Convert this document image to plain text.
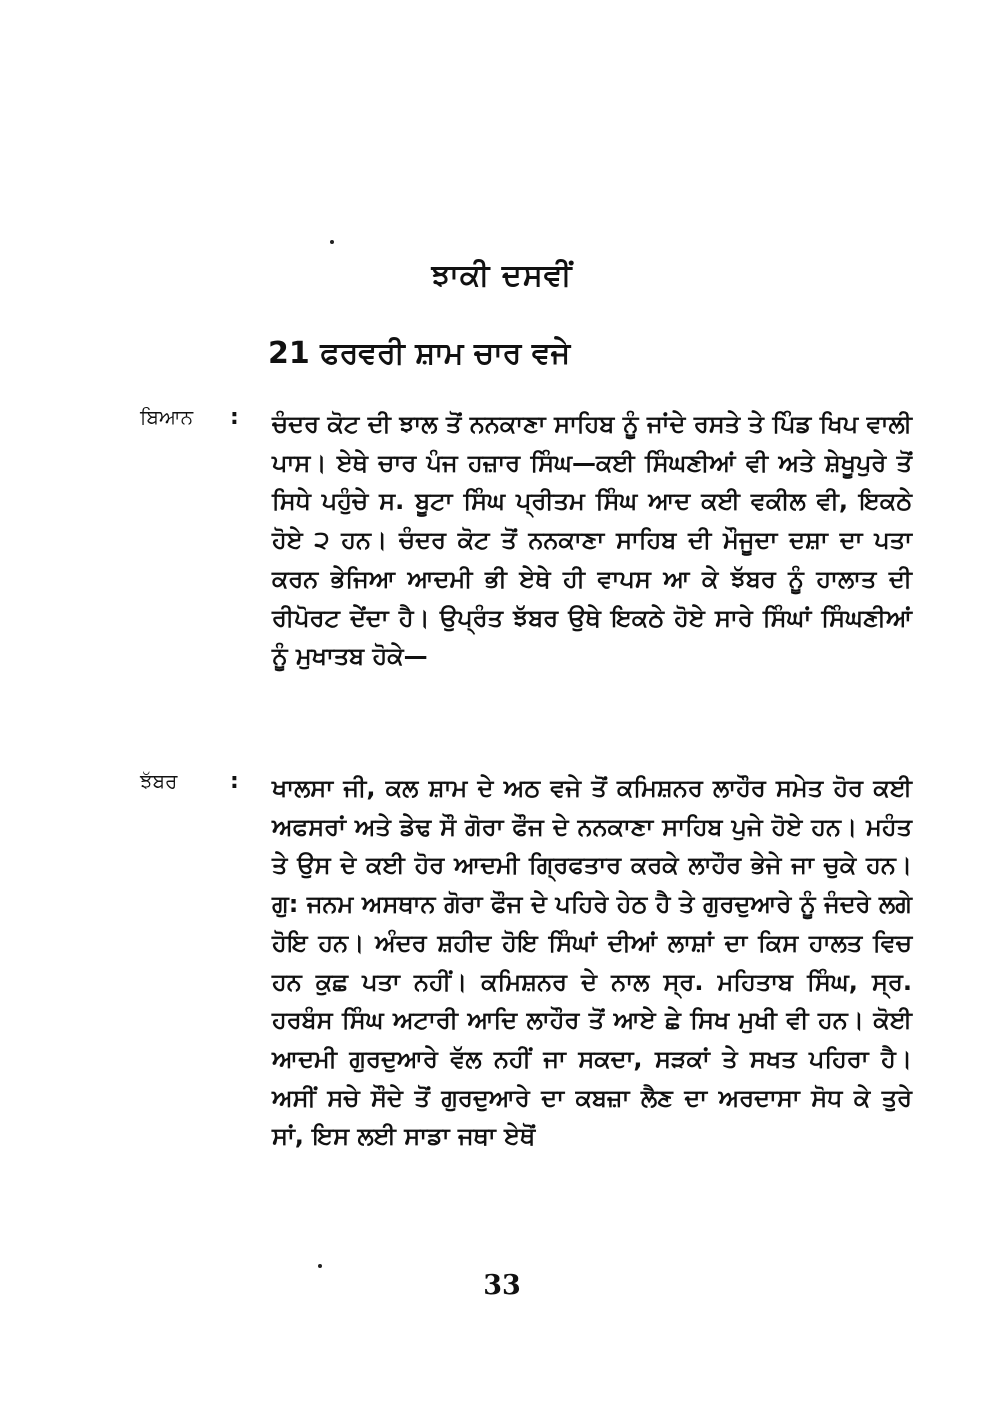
ਝਾਕੀ ਦਸਵੀਂ
21 ਫਰਵਰੀ ਸ਼ਾਮ ਚਾਰ ਵਜੇ
ਬਿਆਨ	: ਚੰਦਰ ਕੋਟ ਦੀ ਝਾਲ ਤੋਂ ਨਨਕਾਣਾ ਸਾਹਿਬ ਨੂੰ ਜਾਂਦੇ ਰਸਤੇ ਤੇ ਪਿੰਡ ਖਿਪ ਵਾਲੀ ਪਾਸ। ਏਥੇ ਚਾਰ ਪੰਜ ਹਜ਼ਾਰ ਸਿੰਘ—ਕਈ ਸਿੰਘਣੀਆਂ ਵੀ ਅਤੇ ਸ਼ੇਖੂਪੁਰੇ ਤੋਂ ਸਿਧੇ ਪਹੁੰਚੇ ਸ. ਬੂਟਾ ਸਿੰਘ ਪ੍ਰੀਤਮ ਸਿੰਘ ਆਦ ਕਈ ਵਕੀਲ ਵੀ, ਇਕਠੇ ਹੋਏ ੨ ਹਨ। ਚੰਦਰ ਕੋਟ ਤੋਂ ਨਨਕਾਣਾ ਸਾਹਿਬ ਦੀ ਮੌਜੂਦਾ ਦਸ਼ਾ ਦਾ ਪਤਾ ਕਰਨ ਭੇਜਿਆ ਆਦਮੀ ਭੀ ਏਥੇ ਹੀ ਵਾਪਸ ਆ ਕੇ ਝੱਬਰ ਨੂੰ ਹਾਲਾਤ ਦੀ ਰੀਪੋਰਟ ਦੇਂਦਾ ਹੈ। ਉਪ੍ਰੰਤ ਝੱਬਰ ਉਥੇ ਇਕਠੇ ਹੋਏ ਸਾਰੇ ਸਿੰਘਾਂ ਸਿੰਘਣੀਆਂ ਨੂੰ ਮੁਖਾਤਬ ਹੋਕੇ—

ਝੱਬਰ	: ਖਾਲਸਾ ਜੀ, ਕਲ ਸ਼ਾਮ ਦੇ ਅਠ ਵਜੇ ਤੋਂ ਕਮਿਸ਼ਨਰ ਲਾਹੌਰ ਸਮੇਤ ਹੋਰ ਕਈ ਅਫਸਰਾਂ ਅਤੇ ਡੇਢ ਸੌ ਗੋਰਾ ਫੌਜ ਦੇ ਨਨਕਾਣਾ ਸਾਹਿਬ ਪੁਜੇ ਹੋਏ ਹਨ। ਮਹੰਤ ਤੇ ਉਸ ਦੇ ਕਈ ਹੋਰ ਆਦਮੀ ਗ੍ਰਿਫਤਾਰ ਕਰਕੇ ਲਾਹੌਰ ਭੇਜੇ ਜਾ ਚੁਕੇ ਹਨ। ਗੁ: ਜਨਮ ਅਸਥਾਨ ਗੋਰਾ ਫੌਜ ਦੇ ਪਹਿਰੇ ਹੇਠ ਹੈ ਤੇ ਗੁਰਦੁਆਰੇ ਨੂੰ ਜੰਦਰੇ ਲਗੇ ਹੋਇ ਹਨ। ਅੰਦਰ ਸ਼ਹੀਦ ਹੋਇ ਸਿੰਘਾਂ ਦੀਆਂ ਲਾਸ਼ਾਂ ਦਾ ਕਿਸ ਹਾਲਤ ਵਿਚ ਹਨ ਕੁਛ ਪਤਾ ਨਹੀਂ। ਕਮਿਸ਼ਨਰ ਦੇ ਨਾਲ ਸ੍ਰ. ਮਹਿਤਾਬ ਸਿੰਘ, ਸ੍ਰ. ਹਰਬੰਸ ਸਿੰਘ ਅਟਾਰੀ ਆਦਿ ਲਾਹੌਰ ਤੋਂ ਆਏ ਛੇ ਸਿਖ ਮੁਖੀ ਵੀ ਹਨ। ਕੋਈ ਆਦਮੀ ਗੁਰਦੁਆਰੇ ਵੱਲ ਨਹੀਂ ਜਾ ਸਕਦਾ, ਸੜਕਾਂ ਤੇ ਸਖਤ ਪਹਿਰਾ ਹੈ। ਅਸੀਂ ਸਚੇ ਸੌਦੇ ਤੋਂ ਗੁਰਦੁਆਰੇ ਦਾ ਕਬਜ਼ਾ ਲੈਣ ਦਾ ਅਰਦਾਸਾ ਸੋਧ ਕੇ ਤੁਰੇ ਸਾਂ, ਇਸ ਲਈ ਸਾਡਾ ਜਥਾ ਏਥੋਂ

33
